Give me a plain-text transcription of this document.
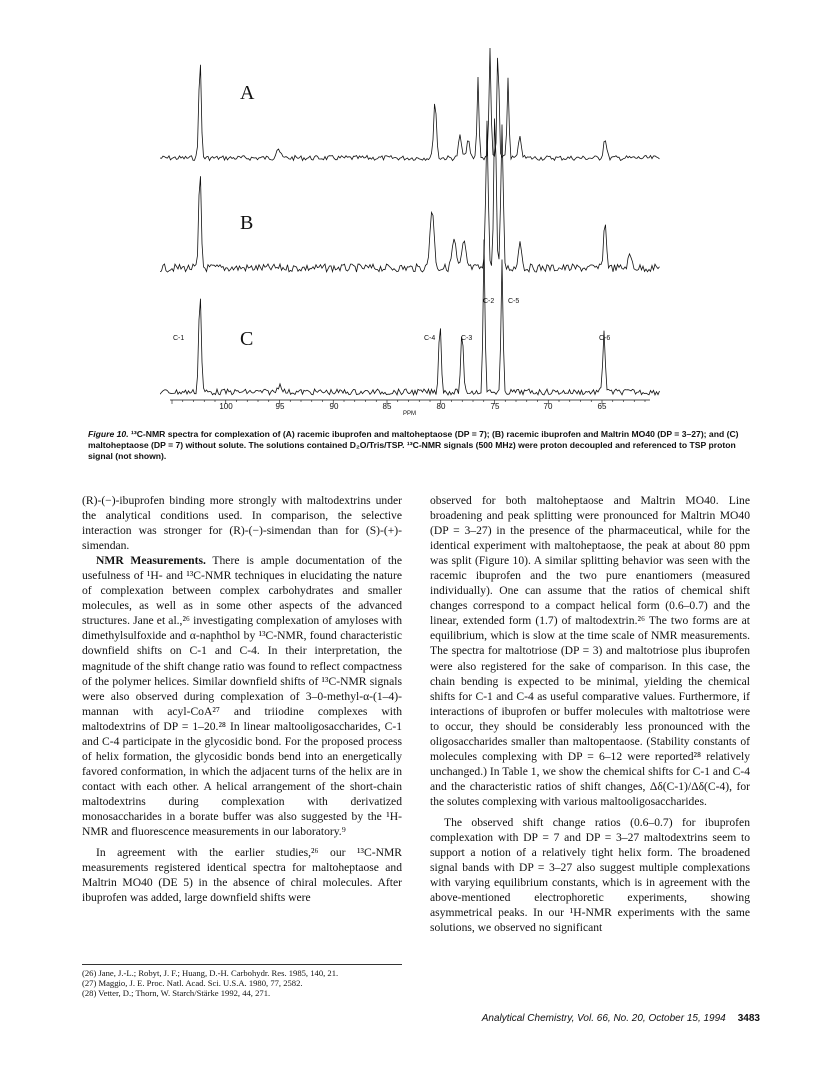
A
B
C
C-1	C-4	C-3
C-2 C-5
C-6
100	95	90	85	80	75	70	65
PPM
Figure 10. ¹³C-NMR spectra for complexation of (A) racemic ibuprofen and maltoheptaose (DP = 7); (B) racemic ibuprofen and Maltrin MO40 (DP = 3–27); and (C) maltoheptaose (DP = 7) without solute. The solutions contained D₂O/Tris/TSP. ¹³C-NMR signals (500 MHz) were proton decoupled and referenced to TSP proton signal (not shown).

(R)-(−)-ibuprofen binding more strongly with maltodextrins under the analytical conditions used. In comparison, the selective interaction was stronger for (R)-(−)-simendan than for (S)-(+)-simendan.

NMR Measurements. There is ample documentation of the usefulness of ¹H- and ¹³C-NMR techniques in elucidating the nature of complexation between complex carbohydrates and smaller molecules, as well as in some other aspects of the advanced structures. Jane et al.,²⁶ investigating complexation of amyloses with dimethylsulfoxide and α-naphthol by ¹³C-NMR, found characteristic downfield shifts on C-1 and C-4. In their interpretation, the magnitude of the shift change ratio was found to reflect compactness of the polymer helices. Similar downfield shifts of ¹³C-NMR signals were also observed during complexation of 3–0-methyl-α-(1–4)-mannan with acyl-CoA²⁷ and triiodine complexes with maltodextrins of DP = 1–20.²⁸ In linear maltooligosaccharides, C-1 and C-4 participate in the glycosidic bond. For the proposed process of helix formation, the glycosidic bonds bend into an energetically favored conformation, in which the adjacent turns of the helix are in contact with each other. A helical arrangement of the short-chain maltodextrins during complexation with derivatized monosaccharides in a borate buffer was also suggested by the ¹H-NMR and fluorescence measurements in our laboratory.⁹

In agreement with the earlier studies,²⁶ our ¹³C-NMR measurements registered identical spectra for maltoheptaose and Maltrin MO40 (DE 5) in the absence of chiral molecules. After ibuprofen was added, large downfield shifts were

observed for both maltoheptaose and Maltrin MO40. Line broadening and peak splitting were pronounced for Maltrin MO40 (DP = 3–27) in the presence of the pharmaceutical, while for the identical experiment with maltoheptaose, the peak at about 80 ppm was split (Figure 10). A similar splitting behavior was seen with the racemic ibuprofen and the two pure enantiomers (measured individually). One can assume that the ratios of chemical shift changes correspond to a compact helical form (0.6–0.7) and the linear, extended form (1.7) of maltodextrin.²⁶ The two forms are at equilibrium, which is slow at the time scale of NMR measurements. The spectra for maltotriose (DP = 3) and maltotriose plus ibuprofen were also registered for the sake of comparison. In this case, the chain bending is expected to be minimal, yielding the chemical shifts for C-1 and C-4 as useful comparative values. Furthermore, if interactions of ibuprofen or buffer molecules with maltotriose were to occur, they should be considerably less pronounced with the oligosaccharides smaller than maltopentaose. (Stability constants of molecules complexing with DP = 6–12 were reported²⁸ relatively unchanged.) In Table 1, we show the chemical shifts for C-1 and C-4 and the characteristic ratios of shift changes, Δδ(C-1)/Δδ(C-4), for the solutes complexing with various maltooligosaccharides.

The observed shift change ratios (0.6–0.7) for ibuprofen complexation with DP = 7 and DP = 3–27 maltodextrins seem to support a notion of a relatively tight helix form. The broadened signal bands with DP = 3–27 also suggest multiple complexations with varying equilibrium constants, which is in agreement with the above-mentioned electrophoretic experiments, showing asymmetrical peaks. In our ¹H-NMR experiments with the same solutions, we observed no significant

(26) Jane, J.-L.; Robyt, J. F.; Huang, D.-H. Carbohydr. Res. 1985, 140, 21.
(27) Maggio, J. E. Proc. Natl. Acad. Sci. U.S.A. 1980, 77, 2582.
(28) Vetter, D.; Thorn, W. Starch/Stärke 1992, 44, 271.
Analytical Chemistry, Vol. 66, No. 20, October 15, 1994 3483
